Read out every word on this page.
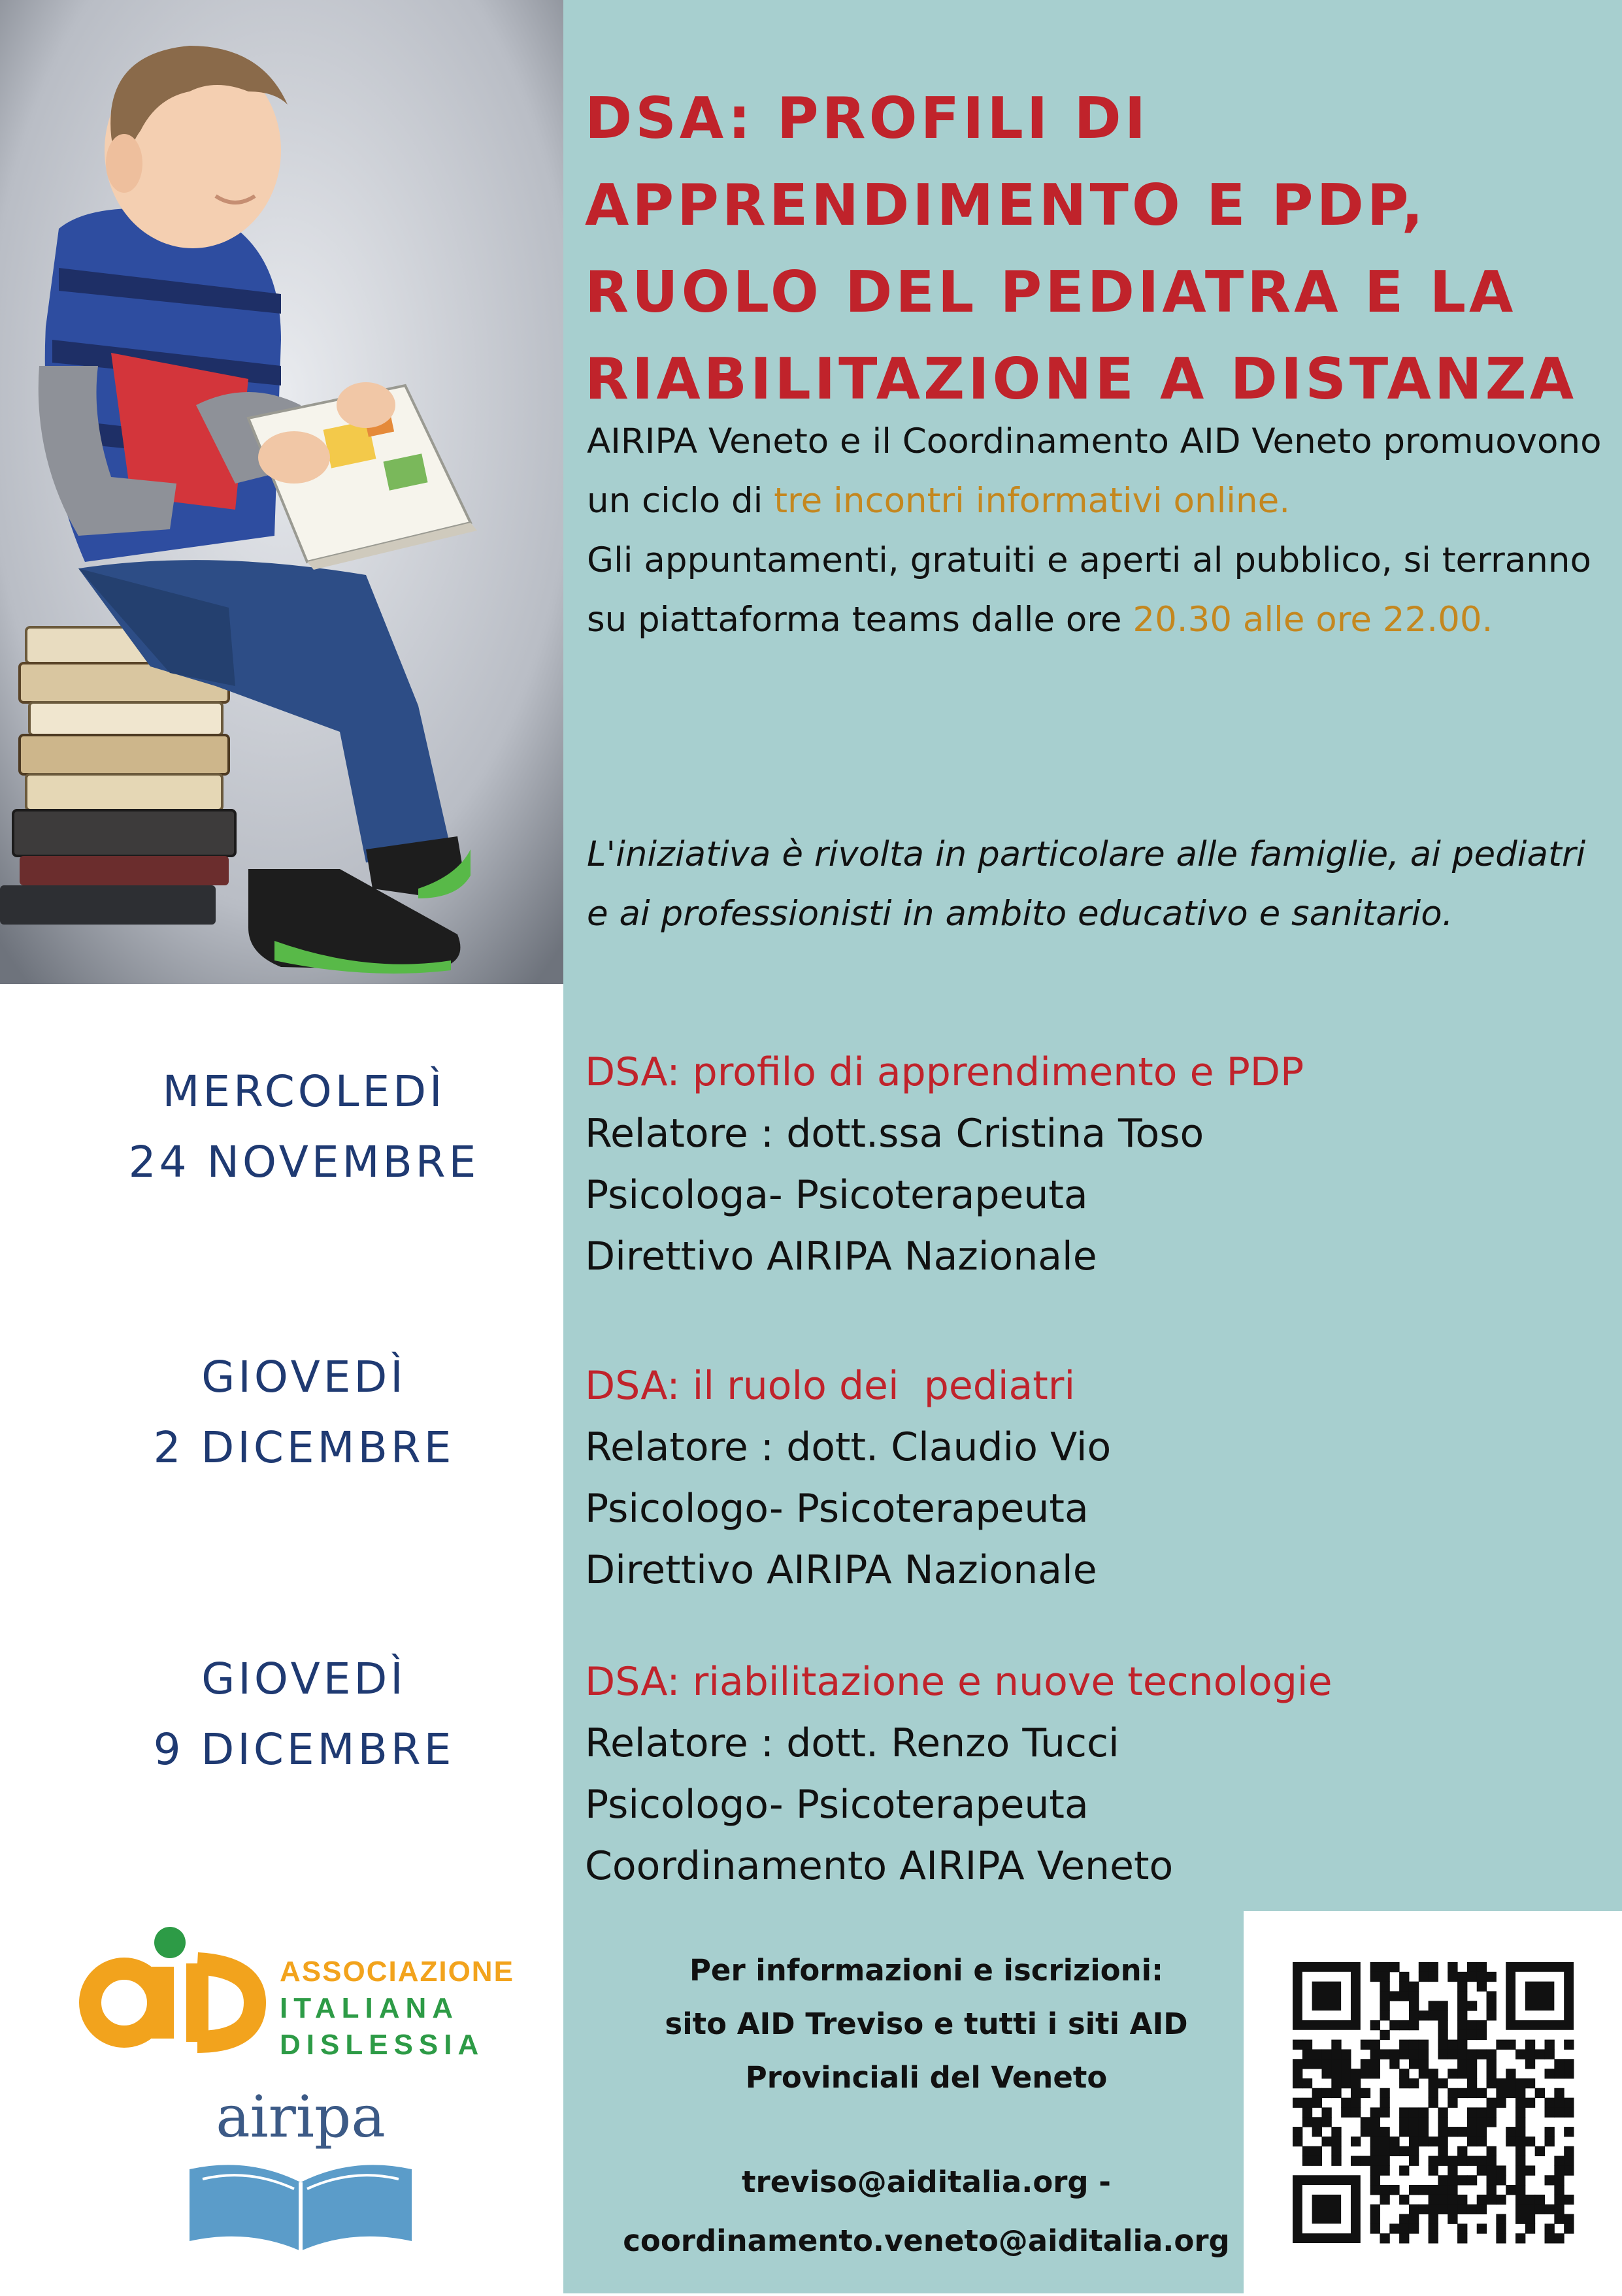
DSA: PROFILI DI APPRENDIMENTO E PDP, RUOLO DEL PEDIATRA E LA RIABILITAZIONE A DISTANZA

AIRIPA Veneto e il Coordinamento AID Veneto promuovono un ciclo di tre incontri informativi online.
Gli appuntamenti, gratuiti e aperti al pubblico, si terranno su piattaforma teams dalle ore 20.30 alle ore 22.00.

L'iniziativa è rivolta in particolare alle famiglie, ai pediatri e ai professionisti in ambito educativo e sanitario.

MERCOLEDÌ
24 NOVEMBRE
GIOVEDÌ
2 DICEMBRE
GIOVEDÌ
9 DICEMBRE
DSA: profilo di apprendimento e PDP
Relatore : dott.ssa Cristina Toso
Psicologa- Psicoterapeuta
Direttivo AIRIPA Nazionale
DSA: il ruolo dei  pediatri
Relatore : dott. Claudio Vio
Psicologo- Psicoterapeuta
Direttivo AIRIPA Nazionale
DSA: riabilitazione e nuove tecnologie
Relatore : dott. Renzo Tucci
Psicologo- Psicoterapeuta
Coordinamento AIRIPA Veneto
ASSOCIAZIONE
ITALIANA
DISLESSIA
airipa
Per informazioni e iscrizioni:
sito AID Treviso e tutti i siti AID
Provinciali del Veneto
treviso@aiditalia.org -
coordinamento.veneto@aiditalia.org
